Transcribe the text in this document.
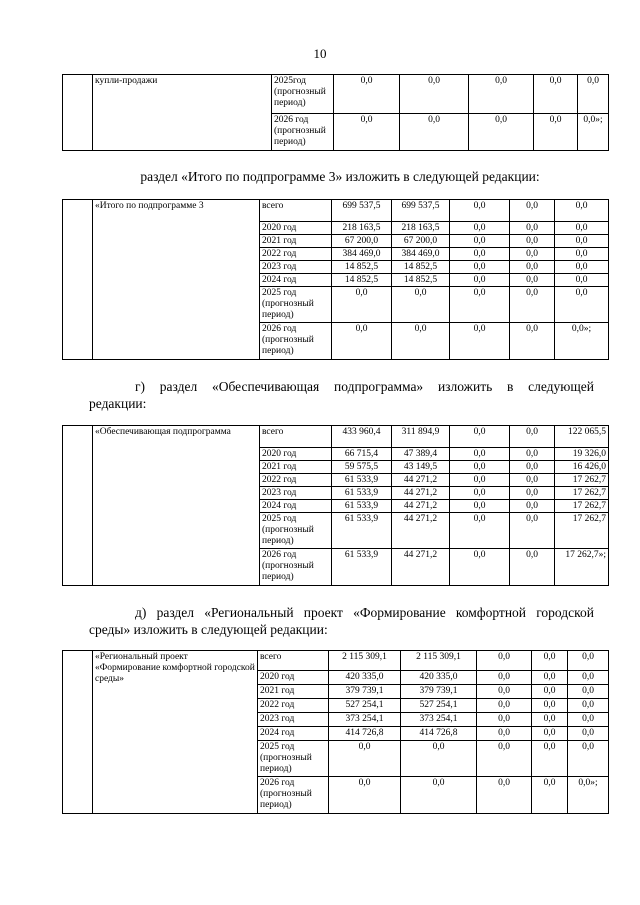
10
	купли-продажи	2025год (прогнозный период)	0,0	0,0	0,0	0,0	0,0
		2026 год (прогнозный период)	0,0	0,0	0,0	0,0	0,0»;
раздел «Итого по подпрограмме 3» изложить в следующей редакции:
	«Итого по подпрограмме 3	всего	699 537,5	699 537,5	0,0	0,0	0,0
		2020 год	218 163,5	218 163,5	0,0	0,0	0,0
		2021 год	67 200,0	67 200,0	0,0	0,0	0,0
		2022 год	384 469,0	384 469,0	0,0	0,0	0,0
		2023 год	14 852,5	14 852,5	0,0	0,0	0,0
		2024 год	14 852,5	14 852,5	0,0	0,0	0,0
		2025 год (прогнозный период)	0,0	0,0	0,0	0,0	0,0
		2026 год (прогнозный период)	0,0	0,0	0,0	0,0	0,0»;
г) раздел «Обеспечивающая подпрограмма» изложить в следующей
редакции:
	«Обеспечивающая подпрограмма	всего	433 960,4	311 894,9	0,0	0,0	122 065,5
		2020 год	66 715,4	47 389,4	0,0	0,0	19 326,0
		2021 год	59 575,5	43 149,5	0,0	0,0	16 426,0
		2022 год	61 533,9	44 271,2	0,0	0,0	17 262,7
		2023 год	61 533,9	44 271,2	0,0	0,0	17 262,7
		2024 год	61 533,9	44 271,2	0,0	0,0	17 262,7
		2025 год (прогнозный период)	61 533,9	44 271,2	0,0	0,0	17 262,7
		2026 год (прогнозный период)	61 533,9	44 271,2	0,0	0,0	17 262,7»;
д) раздел «Региональный проект «Формирование комфортной городской
среды» изложить в следующей редакции:
	«Региональный проект «Формирование комфортной городской среды»	всего	2 115 309,1	2 115 309,1	0,0	0,0	0,0
		2020 год	420 335,0	420 335,0	0,0	0,0	0,0
		2021 год	379 739,1	379 739,1	0,0	0,0	0,0
		2022 год	527 254,1	527 254,1	0,0	0,0	0,0
		2023 год	373 254,1	373 254,1	0,0	0,0	0,0
		2024 год	414 726,8	414 726,8	0,0	0,0	0,0
		2025 год (прогнозный период)	0,0	0,0	0,0	0,0	0,0
		2026 год (прогнозный период)	0,0	0,0	0,0	0,0	0,0»;
